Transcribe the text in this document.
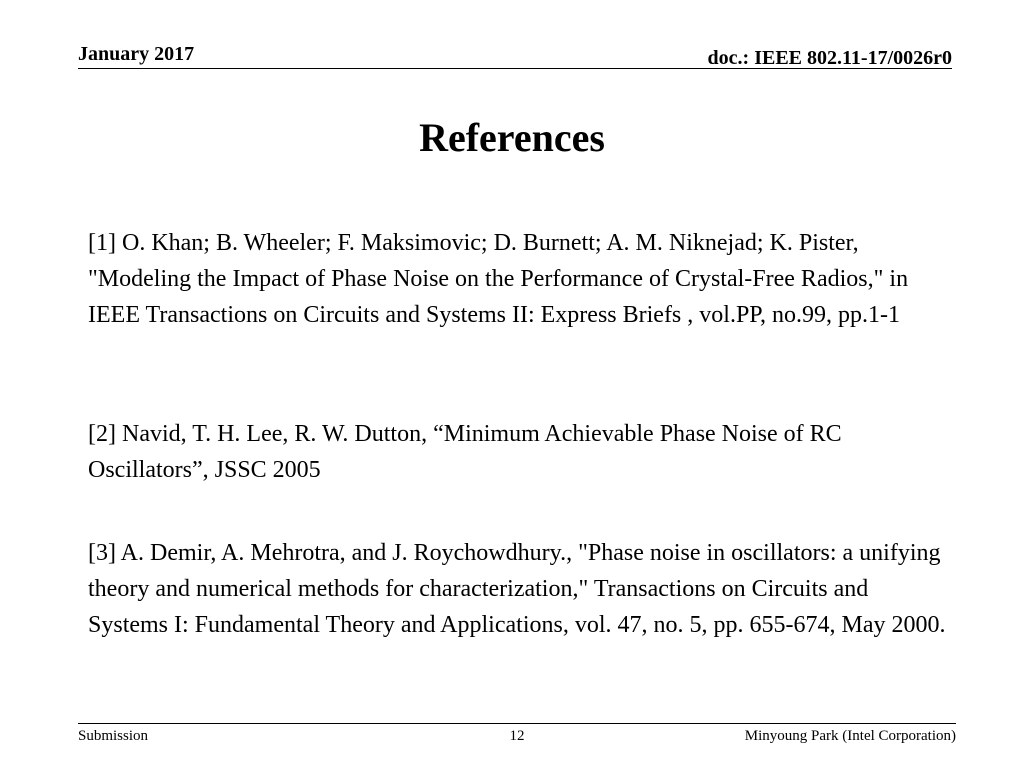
January 2017	doc.: IEEE 802.11-17/0026r0
References

[1] O. Khan; B. Wheeler; F. Maksimovic; D. Burnett; A. M. Niknejad; K. Pister, "Modeling the Impact of Phase Noise on the Performance of Crystal-Free Radios," in IEEE Transactions on Circuits and Systems II: Express Briefs , vol.PP, no.99, pp.1-1

[2] Navid, T. H. Lee, R. W. Dutton, “Minimum Achievable Phase Noise of RC Oscillators”, JSSC 2005

[3] A. Demir, A. Mehrotra, and J. Roychowdhury., "Phase noise in oscillators: a unifying theory and numerical methods for characterization," Transactions on Circuits and Systems I: Fundamental Theory and Applications, vol. 47, no. 5, pp. 655-674, May 2000.

Submission	12	Minyoung Park (Intel Corporation)
